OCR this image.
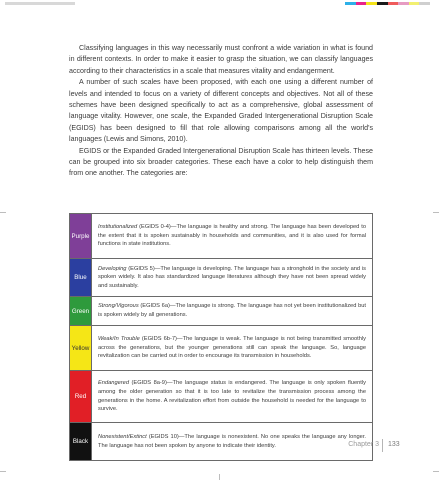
Classifying languages in this way necessarily must confront a wide variation in what is found in different contexts. In order to make it easier to grasp the situation, we can classify languages according to their characteristics in a scale that measures vitality and endangerment.

A number of such scales have been proposed, with each one using a different number of levels and intended to focus on a variety of different concepts and objectives. Not all of these schemes have been designed specifically to act as a comprehensive, global assessment of language vitality. However, one scale, the Expanded Graded Intergenerational Disruption Scale (EGIDS) has been designed to fill that role allowing comparisons among all the world's languages (Lewis and Simons, 2010).

EGIDS or the Expanded Graded Intergenerational Disruption Scale has thirteen levels. These can be grouped into six broader categories. These each have a color to help distinguish them from one another. The categories are:

Purple	Institutionalized (EGIDS 0-4)—The language is healthy and strong. The language has been developed to the extent that it is spoken sustainably in households and communities, and it is also used for formal functions in state institutions.
Blue	Developing (EGIDS 5)—The language is developing. The language has a stronghold in the society and is spoken widely. It also has standardized language literatures although they have not been spread widely and sustainably.
Green	Strong/Vigorous (EGIDS 6a)—The language is strong. The language has not yet been institutionalized but is spoken widely by all generations.
Yellow	Weak/In Trouble (EGIDS 6b-7)—The language is weak. The language is not being transmitted smoothly across the generations, but the younger generations still can speak the language. So, language revitalization can be carried out in order to encourage its transmission in households.
Red	Endangered (EGIDS 8a-9)—The language status is endangered. The language is only spoken fluently among the older generation so that it is too late to revitalize the transmission process among the generations in the home. A revitalization effort from outside the household is needed for the language to survive.
Black	Nonexistent/Extinct (EGIDS 10)—The language is nonexistent. No one speaks the language any longer. The language has not been spoken by anyone to indicate their identity.	Chapter 3 133
